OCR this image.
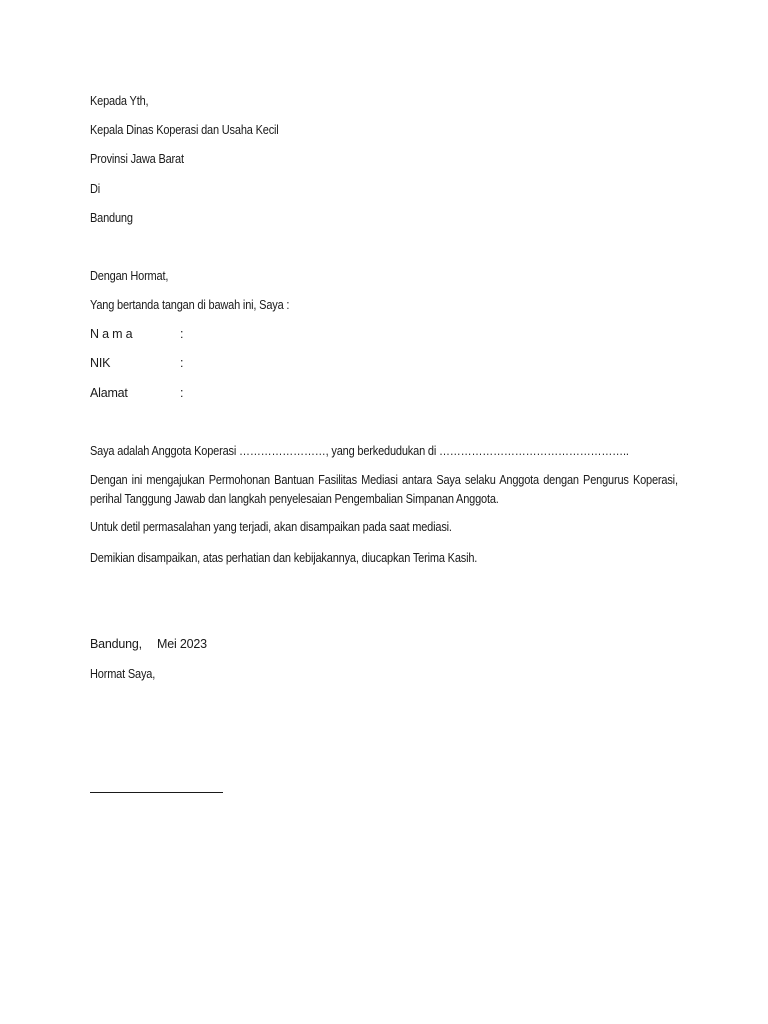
Kepada Yth,
Kepala Dinas Koperasi dan Usaha Kecil
Provinsi Jawa Barat
Di
Bandung
Dengan Hormat,
Yang bertanda tangan di bawah ini, Saya :
N a m a	:
NIK	:
Alamat	:
Saya adalah Anggota Koperasi ……………………, yang berkedudukan di ……………………………………………..
Dengan ini mengajukan Permohonan Bantuan Fasilitas Mediasi antara Saya selaku Anggota dengan Pengurus Koperasi, perihal Tanggung Jawab dan langkah penyelesaian Pengembalian Simpanan Anggota.
Untuk detil permasalahan yang terjadi, akan disampaikan pada saat mediasi.
Demikian disampaikan, atas perhatian dan kebijakannya, diucapkan Terima Kasih.
Bandung, Mei 2023
Hormat Saya,
